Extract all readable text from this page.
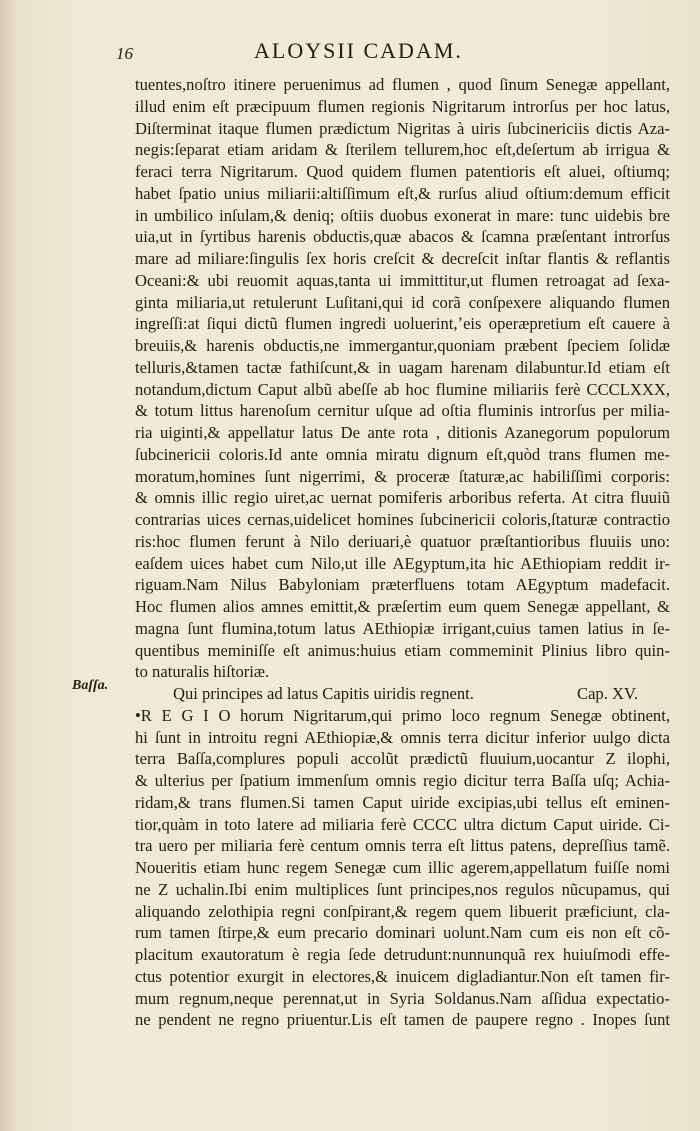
16	ALOYSII CADAM.
Baſſa.
tuentes,noſtro itinere peruenimus ad flumen , quod ſinum Senegæ appellant,
illud enim eſt præcipuum flumen regionis Nigritarum introrſus per hoc latus,
Diſterminat itaque flumen prædictum Nigritas à uiris ſubcinericiis dictis Aza-
negis:ſeparat etiam aridam & ſterilem tellurem,hoc eſt,deſertum ab irrigua &
feraci terra Nigritarum. Quod quidem flumen patentioris eſt aluei, oſtiumq;
habet ſpatio unius miliarii:altiſſimum eſt,& rurſus aliud oſtium:demum efficit
in umbilico inſulam,& deniq; oſtiis duobus exonerat in mare: tunc uidebis bre
uia,ut in ſyrtibus harenis obductis,quæ abacos & ſcamna præſentant introrſus
mare ad miliare:ſingulis ſex horis creſcit & decreſcit inſtar flantis & reflantis
Oceani:& ubi reuomit aquas,tanta ui immittitur,ut flumen retroagat ad ſexa-
ginta miliaria,ut retulerunt Luſitani,qui id corã conſpexere aliquando flumen
ingreſſi:at ſiqui dictũ flumen ingredi uoluerint,ʼeis operæpretium eſt cauere à
breuiis,& harenis obductis,ne immergantur,quoniam præbent ſpeciem ſolidæ
telluris,&tamen tactæ fathiſcunt,& in uagam harenam dilabuntur.Id etiam eſt
notandum,dictum Caput albũ abeſſe ab hoc flumine miliariis ferè CCCLXXX,
& totum littus harenoſum cernitur uſque ad oſtia fluminis introrſus per milia-
ria uiginti,& appellatur latus De ante rota , ditionis Azanegorum populorum
ſubcinericii coloris.Id ante omnia miratu dignum eſt,quòd trans flumen me-
moratum,homines ſunt nigerrimi, & proceræ ſtaturæ,ac habiliſſimi corporis:
& omnis illic regio uiret,ac uernat pomiferis arboribus referta. At citra fluuiũ
contrarias uices cernas,uidelicet homines ſubcinericii coloris,ſtaturæ contractio
ris:hoc flumen ferunt à Nilo deriuari,è quatuor præſtantioribus fluuiis uno:
eaſdem uices habet cum Nilo,ut ille AEgyptum,ita hic AEthiopiam reddit ir-
riguam.Nam Nilus Babyloniam præterfluens totam AEgyptum madefacit.
Hoc flumen alios amnes emittit,& præſertim eum quem Senegæ appellant, &
magna ſunt flumina,totum latus AEthiopiæ irrigant,cuius tamen latius in ſe-
quentibus meminiſſe eſt animus:huius etiam commeminit Plinius libro quin-
to naturalis hiſtoriæ.
Qui principes ad latus Capitis uiridis regnent.	Cap. XV.
•R E G I O horum Nigritarum,qui primo loco regnum Senegæ obtinent,
hi ſunt in introitu regni AEthiopiæ,& omnis terra dicitur inferior uulgo dicta
terra Baſſa,complures populi accolũt prædictũ fluuium,uocantur Z ilophi,
& ulterius per ſpatium immenſum omnis regio dicitur terra Baſſa uſq; Achia-
ridam,& trans flumen.Si tamen Caput uiride excipias,ubi tellus eſt eminen-
tior,quàm in toto latere ad miliaria ferè CCCC ultra dictum Caput uiride. Ci-
tra uero per miliaria ferè centum omnis terra eſt littus patens, depreſſius tamẽ.
Noueritis etiam hunc regem Senegæ cum illic agerem,appellatum fuiſſe nomi
ne Z uchalin.Ibi enim multiplices ſunt principes,nos regulos nũcupamus, qui
aliquando zelothipia regni conſpirant,& regem quem libuerit præficiunt, cla-
rum tamen ſtirpe,& eum precario dominari uolunt.Nam cum eis non eſt cõ-
placitum exautoratum è regia ſede detrudunt:nunnunquã rex huiuſmodi effe-
ctus potentior exurgit in electores,& inuicem digladiantur.Non eſt tamen fir-
mum regnum,neque perennat,ut in Syria Soldanus.Nam aſſidua expectatio-
ne pendent ne regno priuentur.Lis eſt tamen de paupere regno . Inopes ſunt
